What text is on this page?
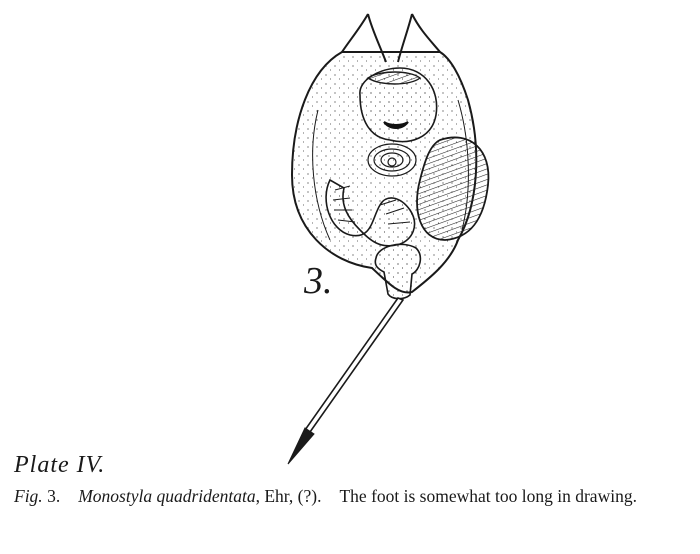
3.
Plate IV.
Fig. 3. Monostyla quadridentata, Ehr, (?). The foot is somewhat too long in drawing.
